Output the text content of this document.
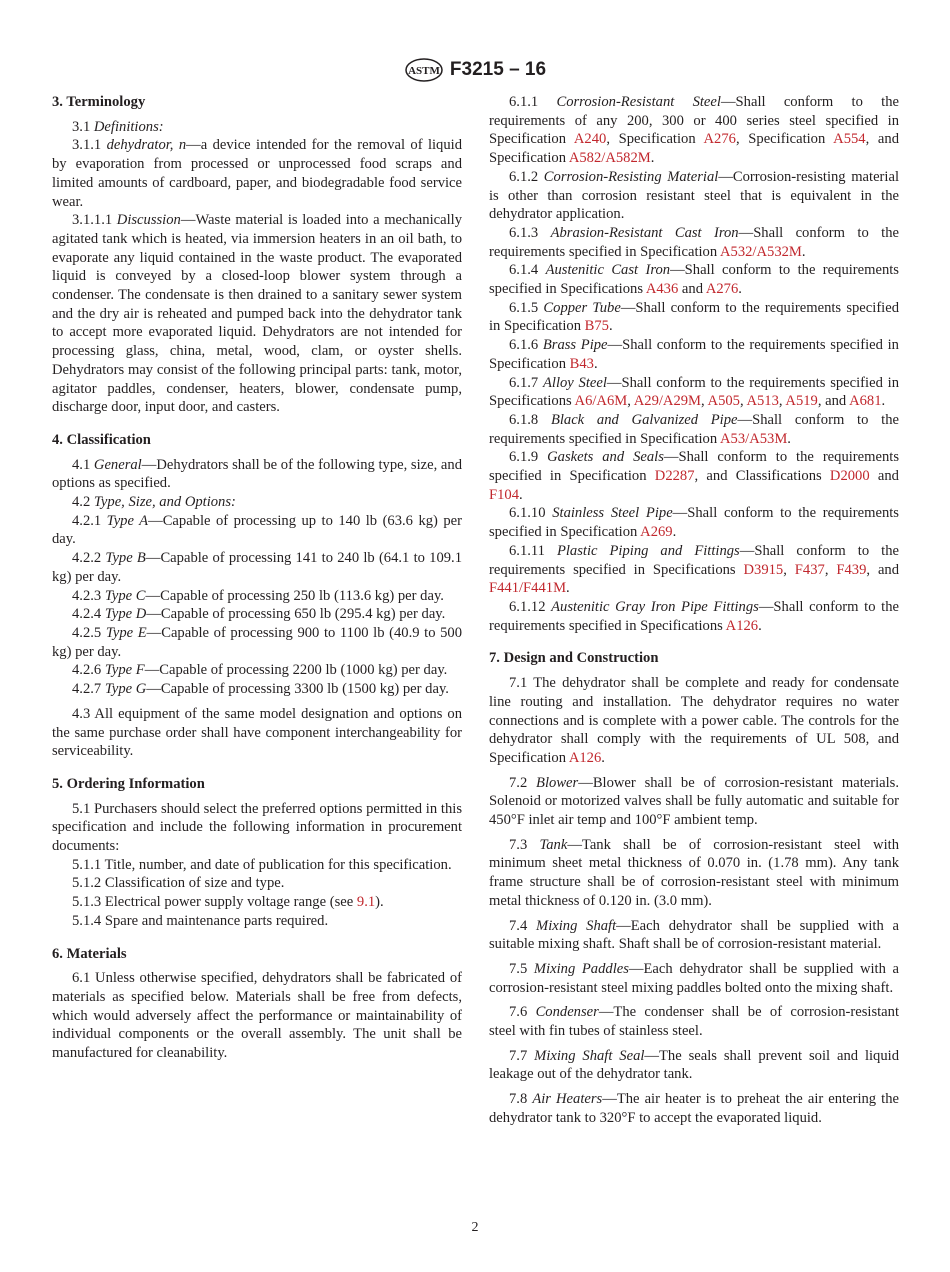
ASTM F3215 – 16
3. Terminology

3.1 Definitions:

3.1.1 dehydrator, n—a device intended for the removal of liquid by evaporation from processed or unprocessed food scraps and limited amounts of cardboard, paper, and biodegradable food service wear.

3.1.1.1 Discussion—Waste material is loaded into a mechanically agitated tank which is heated, via immersion heaters in an oil bath, to evaporate any liquid contained in the waste product. The evaporated liquid is conveyed by a closed-loop blower system through a condenser. The condensate is then drained to a sanitary sewer system and the dry air is reheated and pumped back into the dehydrator tank to accept more evaporated liquid. Dehydrators are not intended for processing glass, china, metal, wood, clam, or oyster shells. Dehydrators may consist of the following principal parts: tank, motor, agitator paddles, condenser, heaters, blower, condensate pump, discharge door, input door, and casters.

4. Classification

4.1 General—Dehydrators shall be of the following type, size, and options as specified.

4.2 Type, Size, and Options:

4.2.1 Type A—Capable of processing up to 140 lb (63.6 kg) per day.

4.2.2 Type B—Capable of processing 141 to 240 lb (64.1 to 109.1 kg) per day.

4.2.3 Type C—Capable of processing 250 lb (113.6 kg) per day.

4.2.4 Type D—Capable of processing 650 lb (295.4 kg) per day.

4.2.5 Type E—Capable of processing 900 to 1100 lb (40.9 to 500 kg) per day.

4.2.6 Type F—Capable of processing 2200 lb (1000 kg) per day.

4.2.7 Type G—Capable of processing 3300 lb (1500 kg) per day.

4.3 All equipment of the same model designation and options on the same purchase order shall have component interchangeability for serviceability.

5. Ordering Information

5.1 Purchasers should select the preferred options permitted in this specification and include the following information in procurement documents:

5.1.1 Title, number, and date of publication for this specification.

5.1.2 Classification of size and type.

5.1.3 Electrical power supply voltage range (see 9.1).

5.1.4 Spare and maintenance parts required.

6. Materials

6.1 Unless otherwise specified, dehydrators shall be fabricated of materials as specified below. Materials shall be free from defects, which would adversely affect the performance or maintainability of individual components or the overall assembly. The unit shall be manufactured for cleanability.

6.1.1 Corrosion-Resistant Steel—Shall conform to the requirements of any 200, 300 or 400 series steel specified in Specification A240, Specification A276, Specification A554, and Specification A582/A582M.

6.1.2 Corrosion-Resisting Material—Corrosion-resisting material is other than corrosion resistant steel that is equivalent in the dehydrator application.

6.1.3 Abrasion-Resistant Cast Iron—Shall conform to the requirements specified in Specification A532/A532M.

6.1.4 Austenitic Cast Iron—Shall conform to the requirements specified in Specifications A436 and A276.

6.1.5 Copper Tube—Shall conform to the requirements specified in Specification B75.

6.1.6 Brass Pipe—Shall conform to the requirements specified in Specification B43.

6.1.7 Alloy Steel—Shall conform to the requirements specified in Specifications A6/A6M, A29/A29M, A505, A513, A519, and A681.

6.1.8 Black and Galvanized Pipe—Shall conform to the requirements specified in Specification A53/A53M.

6.1.9 Gaskets and Seals—Shall conform to the requirements specified in Specification D2287, and Classifications D2000 and F104.

6.1.10 Stainless Steel Pipe—Shall conform to the requirements specified in Specification A269.

6.1.11 Plastic Piping and Fittings—Shall conform to the requirements specified in Specifications D3915, F437, F439, and F441/F441M.

6.1.12 Austenitic Gray Iron Pipe Fittings—Shall conform to the requirements specified in Specifications A126.

7. Design and Construction

7.1 The dehydrator shall be complete and ready for condensate line routing and installation. The dehydrator requires no water connections and is complete with a power cable. The controls for the dehydrator shall comply with the requirements of UL 508, and Specification A126.

7.2 Blower—Blower shall be of corrosion-resistant materials. Solenoid or motorized valves shall be fully automatic and suitable for 450°F inlet air temp and 100°F ambient temp.

7.3 Tank—Tank shall be of corrosion-resistant steel with minimum sheet metal thickness of 0.070 in. (1.78 mm). Any tank frame structure shall be of corrosion-resistant steel with minimum metal thickness of 0.120 in. (3.0 mm).

7.4 Mixing Shaft—Each dehydrator shall be supplied with a suitable mixing shaft. Shaft shall be of corrosion-resistant material.

7.5 Mixing Paddles—Each dehydrator shall be supplied with a corrosion-resistant steel mixing paddles bolted onto the mixing shaft.

7.6 Condenser—The condenser shall be of corrosion-resistant steel with fin tubes of stainless steel.

7.7 Mixing Shaft Seal—The seals shall prevent soil and liquid leakage out of the dehydrator tank.

7.8 Air Heaters—The air heater is to preheat the air entering the dehydrator tank to 320°F to accept the evaporated liquid.

2
